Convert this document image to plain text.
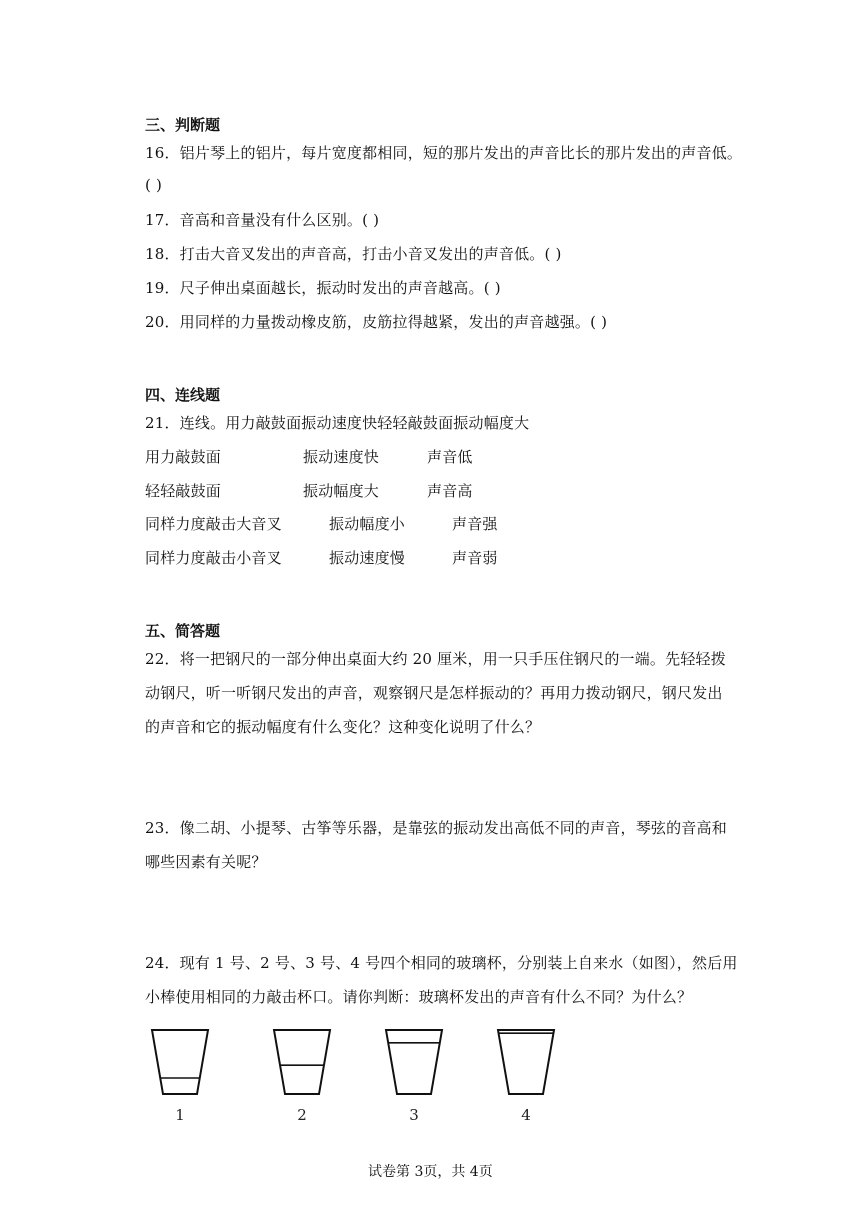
三、判断题
16．铝片琴上的铝片，每片宽度都相同，短的那片发出的声音比长的那片发出的声音低。
( )
17．音高和音量没有什么区别。( )
18．打击大音叉发出的声音高，打击小音叉发出的声音低。( )
19．尺子伸出桌面越长，振动时发出的声音越高。( )
20．用同样的力量拨动橡皮筋，皮筋拉得越紧，发出的声音越强。( )
四、连线题
21．连线。用力敲鼓面振动速度快轻轻敲鼓面振动幅度大
用力敲鼓面	振动速度快	声音低
轻轻敲鼓面	振动幅度大	声音高
同样力度敲击大音叉	振动幅度小	声音强
同样力度敲击小音叉	振动速度慢	声音弱
五、简答题
22．将一把钢尺的一部分伸出桌面大约 20 厘米，用一只手压住钢尺的一端。先轻轻拨
动钢尺，听一听钢尺发出的声音，观察钢尺是怎样振动的？再用力拨动钢尺，钢尺发出
的声音和它的振动幅度有什么变化？这种变化说明了什么？
23．像二胡、小提琴、古筝等乐器，是靠弦的振动发出高低不同的声音，琴弦的音高和
哪些因素有关呢？
24．现有 1 号、2 号、3 号、4 号四个相同的玻璃杯，分别装上自来水（如图），然后用
小棒使用相同的力敲击杯口。请你判断：玻璃杯发出的声音有什么不同？为什么？
1	2	3	4
试卷第 3页，共 4页
